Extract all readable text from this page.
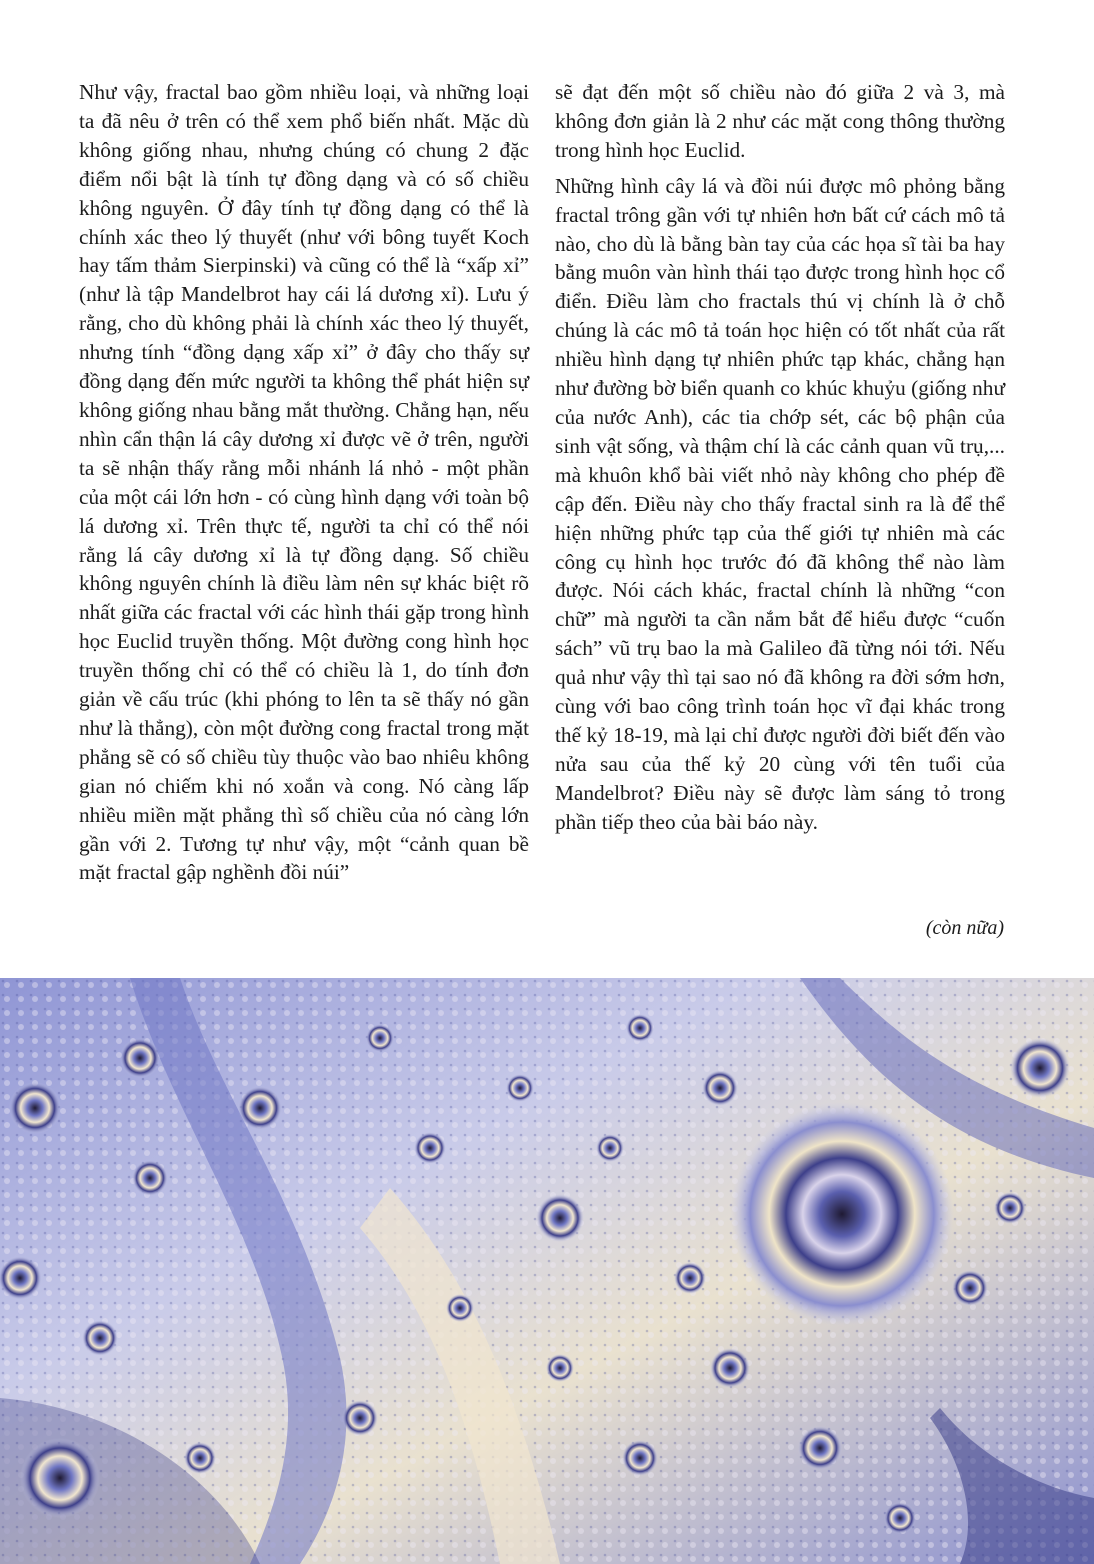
Như vậy, fractal bao gồm nhiều loại, và những loại ta đã nêu ở trên có thể xem phổ biến nhất. Mặc dù không giống nhau, nhưng chúng có chung 2 đặc điểm nổi bật là tính tự đồng dạng và có số chiều không nguyên. Ở đây tính tự đồng dạng có thể là chính xác theo lý thuyết (như với bông tuyết Koch hay tấm thảm Sierpinski) và cũng có thể là “xấp xỉ” (như là tập Mandelbrot hay cái lá dương xỉ). Lưu ý rằng, cho dù không phải là chính xác theo lý thuyết, nhưng tính “đồng dạng xấp xỉ” ở đây cho thấy sự đồng dạng đến mức người ta không thể phát hiện sự không giống nhau bằng mắt thường. Chẳng hạn, nếu nhìn cẩn thận lá cây dương xỉ được vẽ ở trên, người ta sẽ nhận thấy rằng mỗi nhánh lá nhỏ - một phần của một cái lớn hơn - có cùng hình dạng với toàn bộ lá dương xỉ. Trên thực tế, người ta chỉ có thể nói rằng lá cây dương xỉ là tự đồng dạng. Số chiều không nguyên chính là điều làm nên sự khác biệt rõ nhất giữa các fractal với các hình thái gặp trong hình học Euclid truyền thống. Một đường cong hình học truyền thống chỉ có thể có chiều là 1, do tính đơn giản về cấu trúc (khi phóng to lên ta sẽ thấy nó gần như là thẳng), còn một đường cong fractal trong mặt phẳng sẽ có số chiều tùy thuộc vào bao nhiêu không gian nó chiếm khi nó xoắn và cong. Nó càng lấp nhiều miền mặt phẳng thì số chiều của nó càng lớn gần với 2. Tương tự như vậy, một “cảnh quan bề mặt fractal gập nghềnh đồi núi”

sẽ đạt đến một số chiều nào đó giữa 2 và 3, mà không đơn giản là 2 như các mặt cong thông thường trong hình học Euclid.

Những hình cây lá và đồi núi được mô phỏng bằng fractal trông gần với tự nhiên hơn bất cứ cách mô tả nào, cho dù là bằng bàn tay của các họa sĩ tài ba hay bằng muôn vàn hình thái tạo được trong hình học cổ điển. Điều làm cho fractals thú vị chính là ở chỗ chúng là các mô tả toán học hiện có tốt nhất của rất nhiều hình dạng tự nhiên phức tạp khác, chẳng hạn như đường bờ biển quanh co khúc khuỷu (giống như của nước Anh), các tia chớp sét, các bộ phận của sinh vật sống, và thậm chí là các cảnh quan vũ trụ,... mà khuôn khổ bài viết nhỏ này không cho phép đề cập đến. Điều này cho thấy fractal sinh ra là để thể hiện những phức tạp của thế giới tự nhiên mà các công cụ hình học trước đó đã không thể nào làm được. Nói cách khác, fractal chính là những “con chữ” mà người ta cần nắm bắt để hiểu được “cuốn sách” vũ trụ bao la mà Galileo đã từng nói tới. Nếu quả như vậy thì tại sao nó đã không ra đời sớm hơn, cùng với bao công trình toán học vĩ đại khác trong thế kỷ 18-19, mà lại chỉ được người đời biết đến vào nửa sau của thế kỷ 20 cùng với tên tuổi của Mandelbrot? Điều này sẽ được làm sáng tỏ trong phần tiếp theo của bài báo này.

(còn nữa)
